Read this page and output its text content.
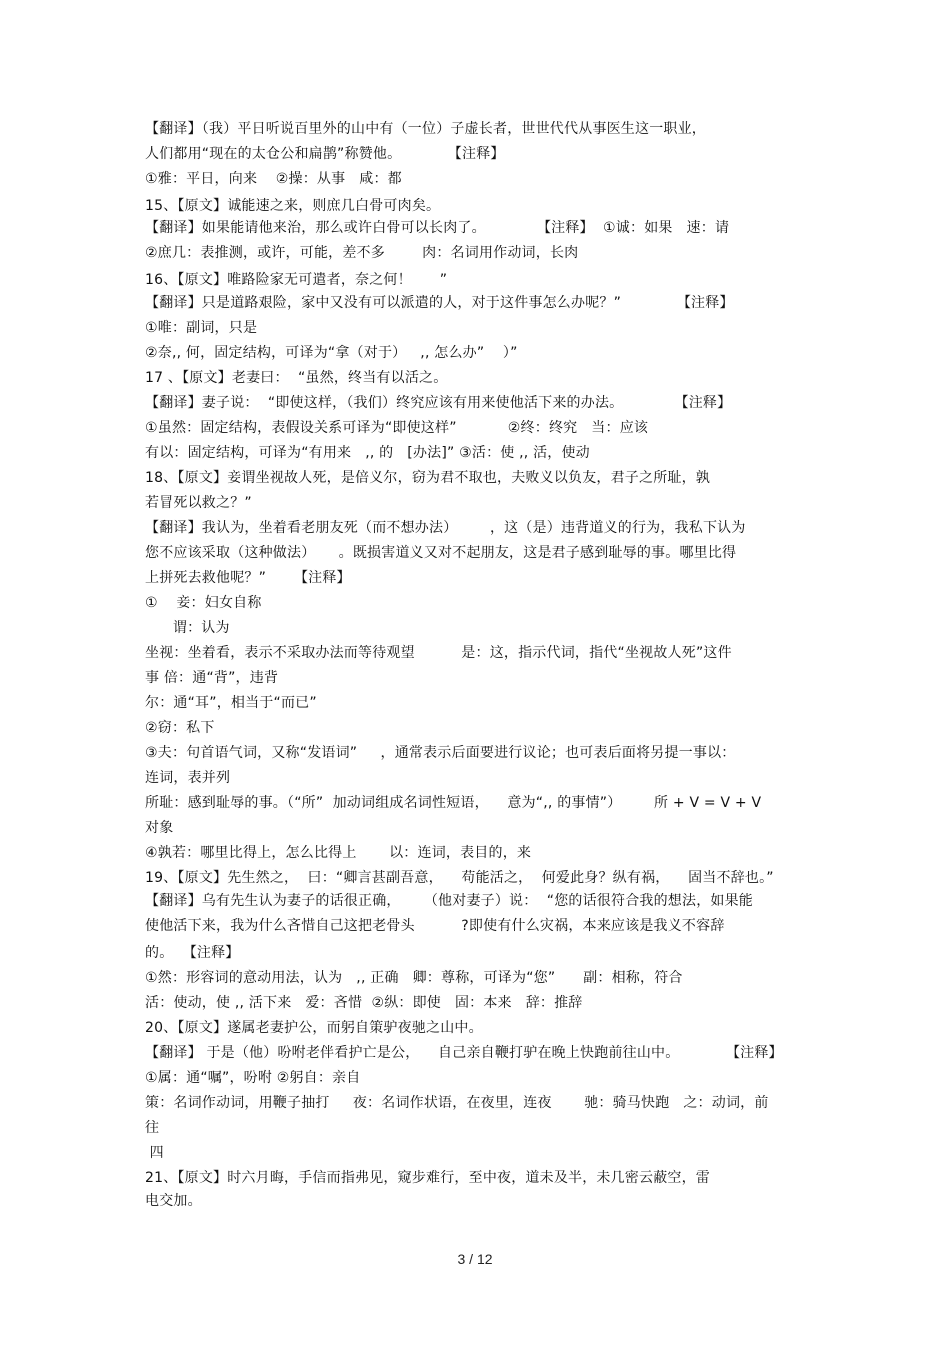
【翻译】（我）平日听说百里外的山中有（一位）子虚长者，世世代代从事医生这一职业，
人们都用“现在的太仓公和扁鹊”称赞他。          【注释】
①雅：平日，向来    ②操：从事   咸：都
15、【原文】诚能速之来，则庶几白骨可肉矣。
【翻译】如果能请他来治，那么或许白骨可以长肉了。           【注释】  ①诚：如果   速：请
②庶几：表推测，或许，可能，差不多        肉：名词用作动词，长肉
16、【原文】唯路险家无可遣者，奈之何！      ”
【翻译】只是道路艰险，家中又没有可以派遣的人，对于这件事怎么办呢？”            【注释】
①唯：副词，只是
②奈,, 何，固定结构，可译为“拿（对于）   ,, 怎么办”    ）”
17 、【原文】老妻曰：  “虽然，终当有以活之。
【翻译】妻子说：  “即使这样，（我们）终究应该有用来使他活下来的办法。           【注释】
①虽然：固定结构，表假设关系可译为“即使这样”           ②终：终究   当：应该
有以：固定结构，可译为“有用来   ,, 的   [办法]” ③活：使 ,, 活，使动
18、【原文】妾谓坐视故人死，是倍义尔，窃为君不取也，夫败义以负友，君子之所耻，孰
若冒死以救之？”
【翻译】我认为，坐着看老朋友死（而不想办法）       ，这（是）违背道义的行为，我私下认为
您不应该采取（这种做法）     。既损害道义又对不起朋友，这是君子感到耻辱的事。哪里比得
上拼死去救他呢？”      【注释】
①    妾：妇女自称
谓：认为
坐视：坐着看，表示不采取办法而等待观望          是：这，指示代词，指代“坐视故人死”这件
事 倍：通“背”，违背
尔：通“耳”，相当于“而已”
②窃：私下
③夫：句首语气词，又称“发语词”     ，通常表示后面要进行议论；也可表后面将另提一事以：
连词，表并列
所耻：感到耻辱的事。（“所”  加动词组成名词性短语，    意为“,, 的事情”）       所 + V = V + V
对象
④孰若：哪里比得上，怎么比得上       以：连词，表目的，来
19、【原文】先生然之，  曰：“卿言甚副吾意，    苟能活之，  何爱此身？纵有祸，    固当不辞也。”
【翻译】乌有先生认为妻子的话很正确，     （他对妻子）说：  “您的话很符合我的想法，如果能
使他活下来，我为什么吝惜自己这把老骨头          ?即使有什么灾祸，本来应该是我义不容辞
的。  【注释】
①然：形容词的意动用法，认为   ,, 正确   卿：尊称，可译为“您”      副：相称，符合
活：使动，使 ,, 活下来   爱：吝惜  ②纵：即使   固：本来   辞：推辞
20、【原文】遂属老妻护公，而躬自策驴夜驰之山中。
【翻译】 于是（他）吩咐老伴看护亡是公，    自己亲自鞭打驴在晚上快跑前往山中。          【注释】
①属：通“嘱”，吩咐 ②躬自：亲自
策：名词作动词，用鞭子抽打     夜：名词作状语，在夜里，连夜       驰：骑马快跑   之：动词，前
往
四
21、【原文】时六月晦，手信而指弗见，窥步难行，至中夜，道未及半，未几密云蔽空，雷
电交加。
3 / 12
